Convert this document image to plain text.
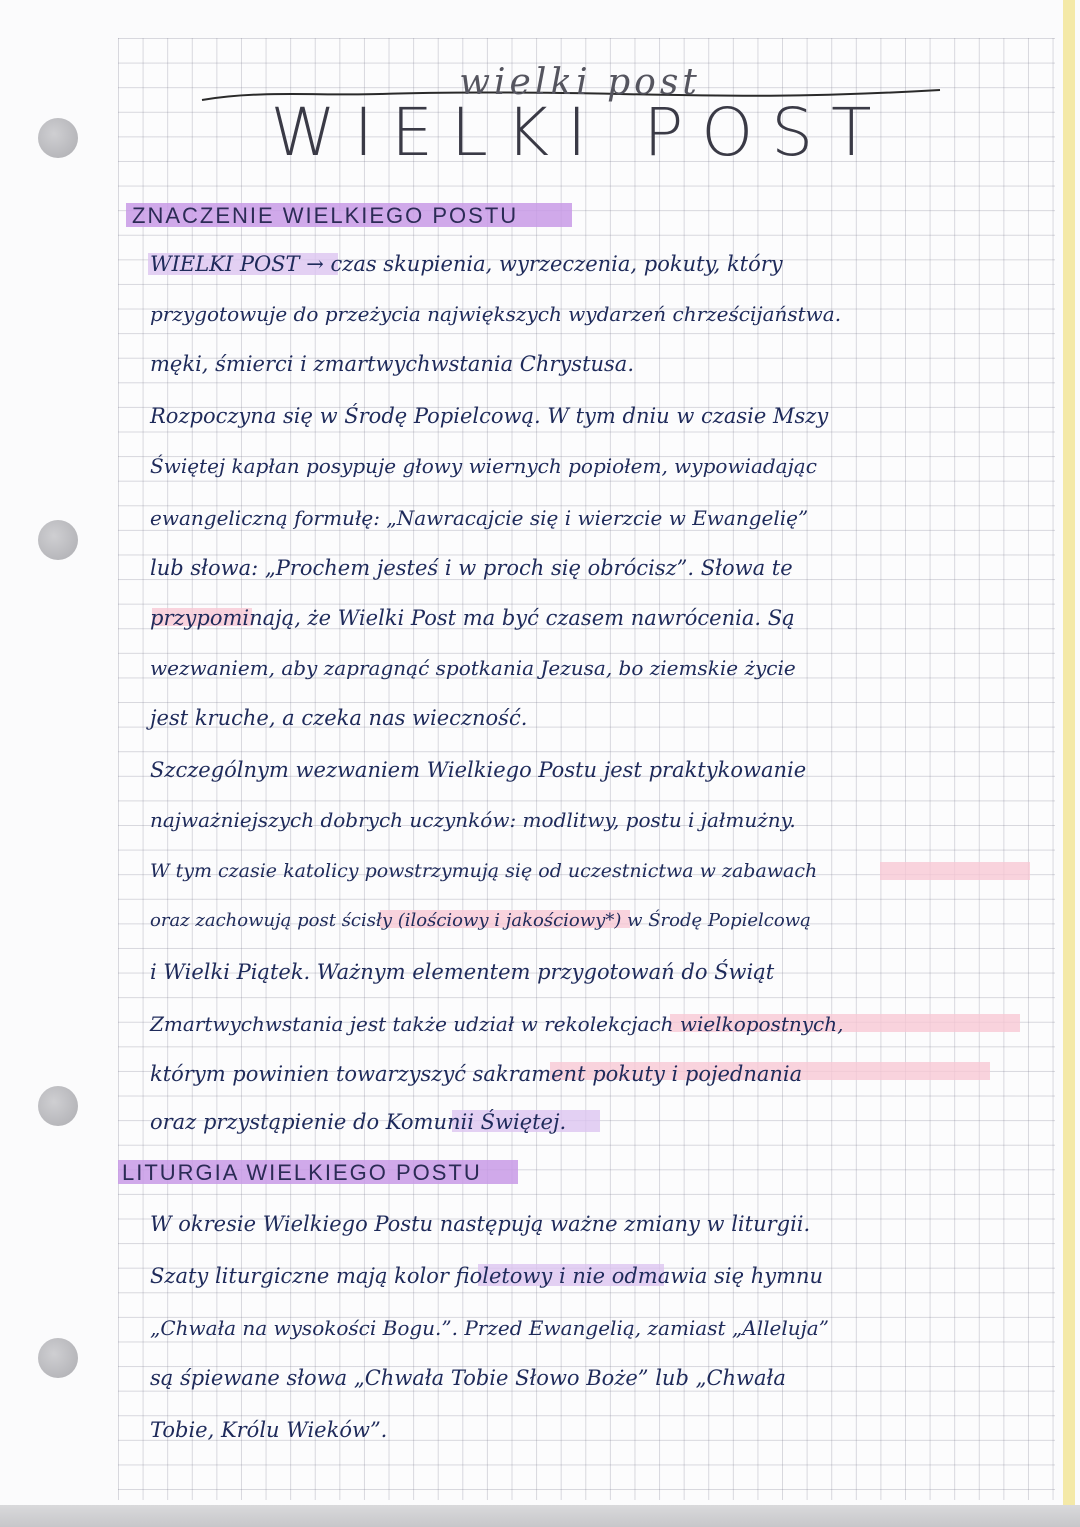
wielki post
WIELKI POST
ZNACZENIE WIELKIEGO POSTU
WIELKI POST → czas skupienia, wyrzeczenia, pokuty, który
przygotowuje do przeżycia największych wydarzeń chrześcijaństwa.
męki, śmierci i zmartwychwstania Chrystusa.
Rozpoczyna się w Środę Popielcową. W tym dniu w czasie Mszy
Świętej kapłan posypuje głowy wiernych popiołem, wypowiadając
ewangeliczną formułę: „Nawracajcie się i wierzcie w Ewangelię”
lub słowa: „Prochem jesteś i w proch się obrócisz”. Słowa te
przypominają, że Wielki Post ma być czasem nawrócenia. Są
wezwaniem, aby zapragnąć spotkania Jezusa, bo ziemskie życie
jest kruche, a czeka nas wieczność.
Szczególnym wezwaniem Wielkiego Postu jest praktykowanie
najważniejszych dobrych uczynków: modlitwy, postu i jałmużny.
W tym czasie katolicy powstrzymują się od uczestnictwa w zabawach
oraz zachowują post ścisły (ilościowy i jakościowy*) w Środę Popielcową
i Wielki Piątek. Ważnym elementem przygotowań do Świąt
Zmartwychwstania jest także udział w rekolekcjach wielkopostnych,
którym powinien towarzyszyć sakrament pokuty i pojednania
oraz przystąpienie do Komunii Świętej.
LITURGIA WIELKIEGO POSTU
W okresie Wielkiego Postu następują ważne zmiany w liturgii.
Szaty liturgiczne mają kolor fioletowy i nie odmawia się hymnu
„Chwała na wysokości Bogu.”. Przed Ewangelią, zamiast „Alleluja”
są śpiewane słowa „Chwała Tobie Słowo Boże” lub „Chwała
Tobie, Królu Wieków”.
